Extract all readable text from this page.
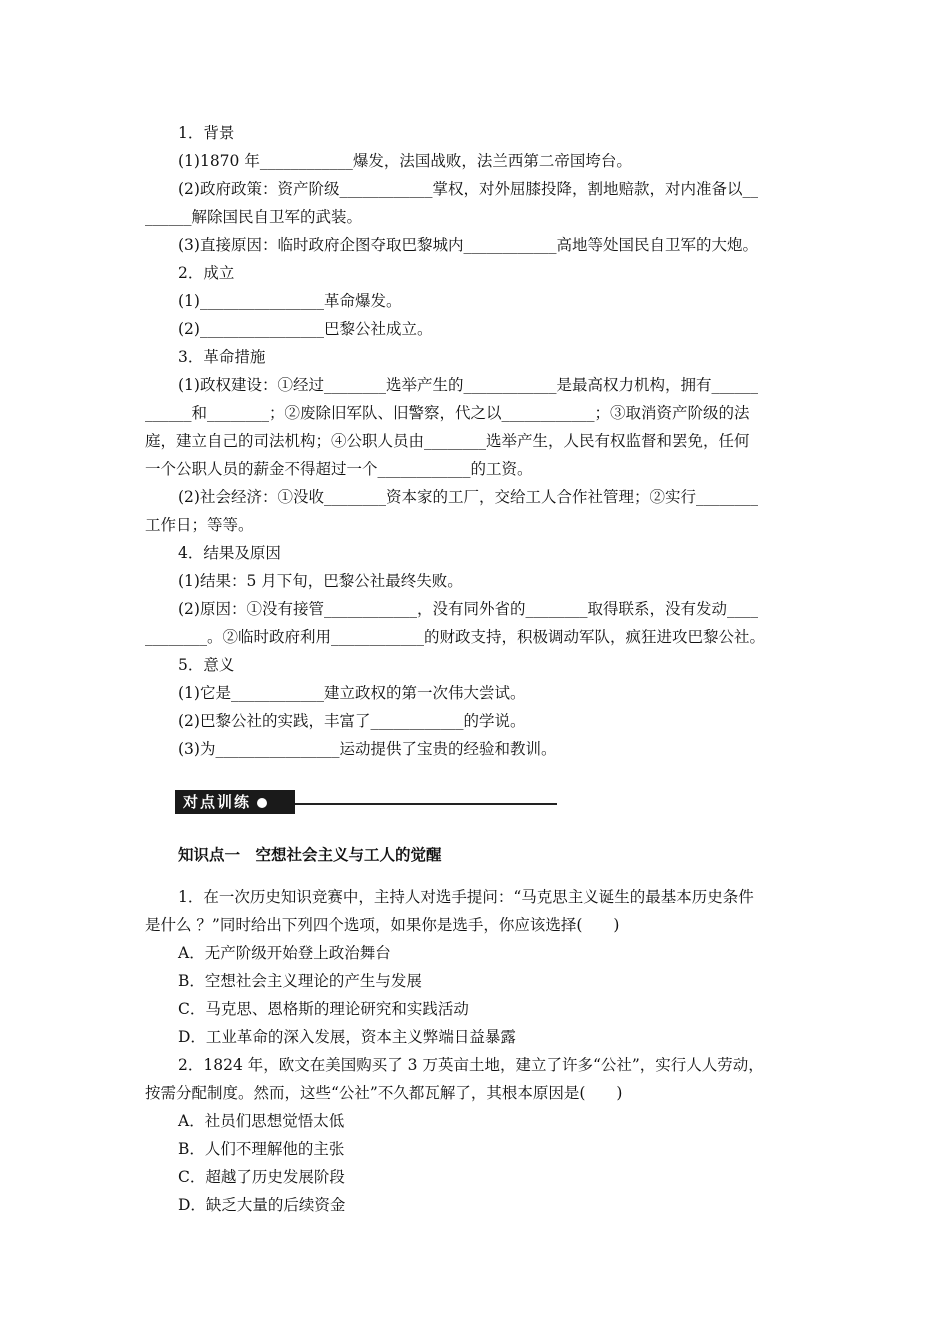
1．背景
(1)1870 年____________爆发，法国战败，法兰西第二帝国垮台。
(2)政府政策：资产阶级____________掌权，对外屈膝投降，割地赔款，对内准备以__
______解除国民自卫军的武装。
(3)直接原因：临时政府企图夺取巴黎城内____________高地等处国民自卫军的大炮。
2．成立
(1)________________革命爆发。
(2)________________巴黎公社成立。
3．革命措施
(1)政权建设：①经过________选举产生的____________是最高权力机构，拥有______
______和________；②废除旧军队、旧警察，代之以____________；③取消资产阶级的法
庭，建立自己的司法机构；④公职人员由________选举产生，人民有权监督和罢免，任何
一个公职人员的薪金不得超过一个____________的工资。
(2)社会经济：①没收________资本家的工厂，交给工人合作社管理；②实行________
工作日；等等。
4．结果及原因
(1)结果：5 月下旬，巴黎公社最终失败。
(2)原因：①没有接管____________，没有同外省的________取得联系，没有发动____
________。②临时政府利用____________的财政支持，积极调动军队，疯狂进攻巴黎公社。
5．意义
(1)它是____________建立政权的第一次伟大尝试。
(2)巴黎公社的实践，丰富了____________的学说。
(3)为________________运动提供了宝贵的经验和教训。
对点训练
知识点一　空想社会主义与工人的觉醒
1．在一次历史知识竞赛中，主持人对选手提问：“马克思主义诞生的最基本历史条件
是什么 ？”同时给出下列四个选项，如果你是选手，你应该选择(　　)
A．无产阶级开始登上政治舞台
B．空想社会主义理论的产生与发展
C．马克思、恩格斯的理论研究和实践活动
D．工业革命的深入发展，资本主义弊端日益暴露
2．1824 年，欧文在美国购买了 3 万英亩土地，建立了许多“公社”，实行人人劳动，
按需分配制度。然而，这些“公社”不久都瓦解了，其根本原因是(　　)
A．社员们思想觉悟太低
B．人们不理解他的主张
C．超越了历史发展阶段
D．缺乏大量的后续资金
